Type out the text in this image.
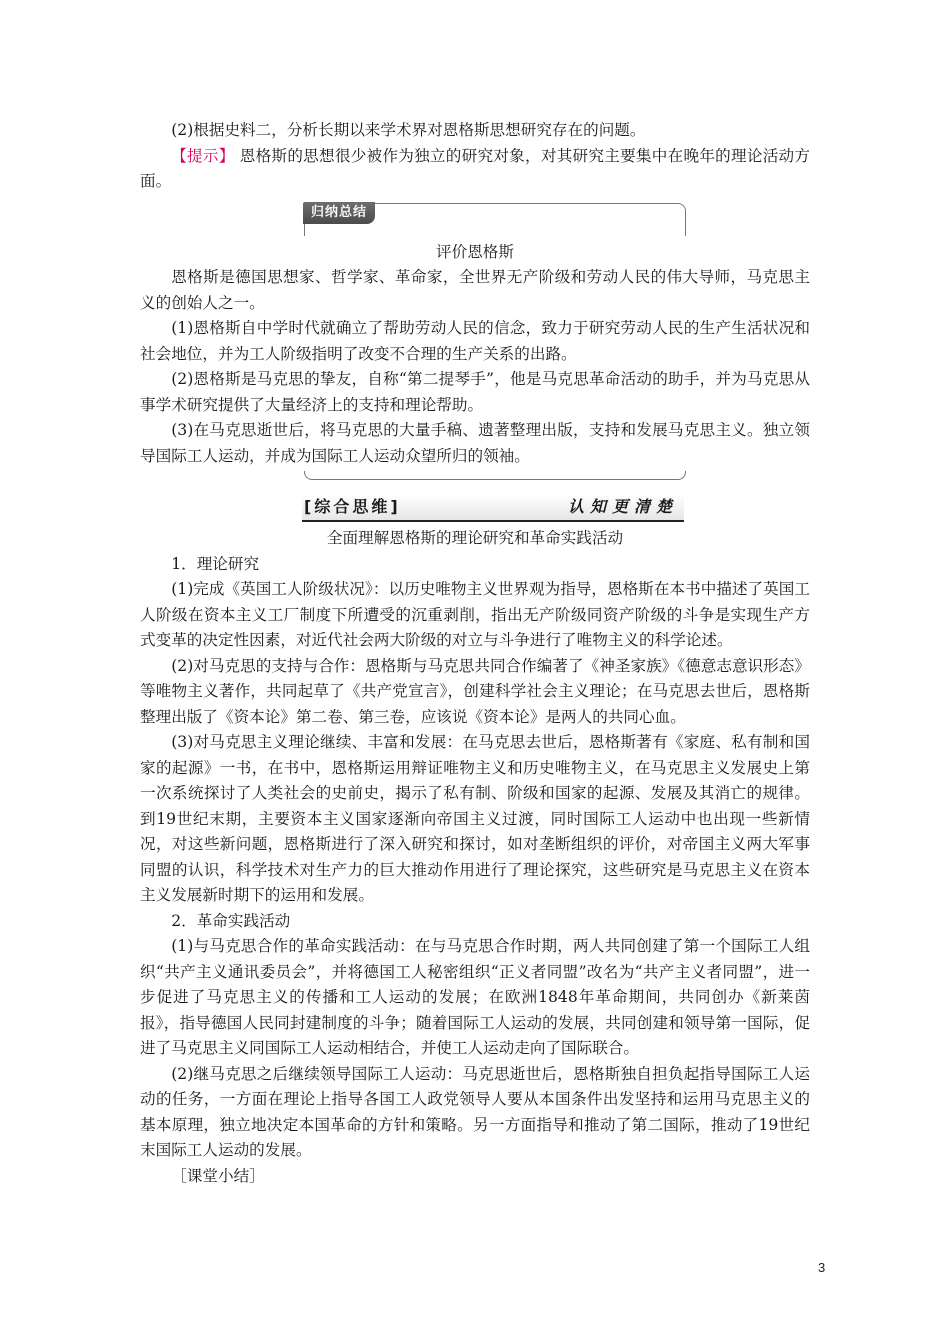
(2)根据史料二，分析长期以来学术界对恩格斯思想研究存在的问题。

【提示】 恩格斯的思想很少被作为独立的研究对象，对其研究主要集中在晚年的理论活动方面。

归纳总结

评价恩格斯

恩格斯是德国思想家、哲学家、革命家，全世界无产阶级和劳动人民的伟大导师，马克思主义的创始人之一。

(1)恩格斯自中学时代就确立了帮助劳动人民的信念，致力于研究劳动人民的生产生活状况和社会地位，并为工人阶级指明了改变不合理的生产关系的出路。

(2)恩格斯是马克思的挚友，自称“第二提琴手”，他是马克思革命活动的助手，并为马克思从事学术研究提供了大量经济上的支持和理论帮助。

(3)在马克思逝世后，将马克思的大量手稿、遗著整理出版，支持和发展马克思主义。独立领导国际工人运动，并成为国际工人运动众望所归的领袖。

[综合思维]	认知更清楚

全面理解恩格斯的理论研究和革命实践活动

1．理论研究

(1)完成《英国工人阶级状况》：以历史唯物主义世界观为指导，恩格斯在本书中描述了英国工人阶级在资本主义工厂制度下所遭受的沉重剥削，指出无产阶级同资产阶级的斗争是实现生产方式变革的决定性因素，对近代社会两大阶级的对立与斗争进行了唯物主义的科学论述。

(2)对马克思的支持与合作：恩格斯与马克思共同合作编著了《神圣家族》《德意志意识形态》等唯物主义著作，共同起草了《共产党宣言》，创建科学社会主义理论；在马克思去世后，恩格斯整理出版了《资本论》第二卷、第三卷，应该说《资本论》是两人的共同心血。

(3)对马克思主义理论继续、丰富和发展：在马克思去世后，恩格斯著有《家庭、私有制和国家的起源》一书，在书中，恩格斯运用辩证唯物主义和历史唯物主义，在马克思主义发展史上第一次系统探讨了人类社会的史前史，揭示了私有制、阶级和国家的起源、发展及其消亡的规律。到19世纪末期，主要资本主义国家逐渐向帝国主义过渡，同时国际工人运动中也出现一些新情况，对这些新问题，恩格斯进行了深入研究和探讨，如对垄断组织的评价，对帝国主义两大军事同盟的认识，科学技术对生产力的巨大推动作用进行了理论探究，这些研究是马克思主义在资本主义发展新时期下的运用和发展。

2．革命实践活动

(1)与马克思合作的革命实践活动：在与马克思合作时期，两人共同创建了第一个国际工人组织“共产主义通讯委员会”，并将德国工人秘密组织“正义者同盟”改名为“共产主义者同盟”，进一步促进了马克思主义的传播和工人运动的发展；在欧洲1848年革命期间，共同创办《新莱茵报》，指导德国人民同封建制度的斗争；随着国际工人运动的发展，共同创建和领导第一国际，促进了马克思主义同国际工人运动相结合，并使工人运动走向了国际联合。

(2)继马克思之后继续领导国际工人运动：马克思逝世后，恩格斯独自担负起指导国际工人运动的任务，一方面在理论上指导各国工人政党领导人要从本国条件出发坚持和运用马克思主义的基本原理，独立地决定本国革命的方针和策略。另一方面指导和推动了第二国际，推动了19世纪末国际工人运动的发展。

［课堂小结］

3
